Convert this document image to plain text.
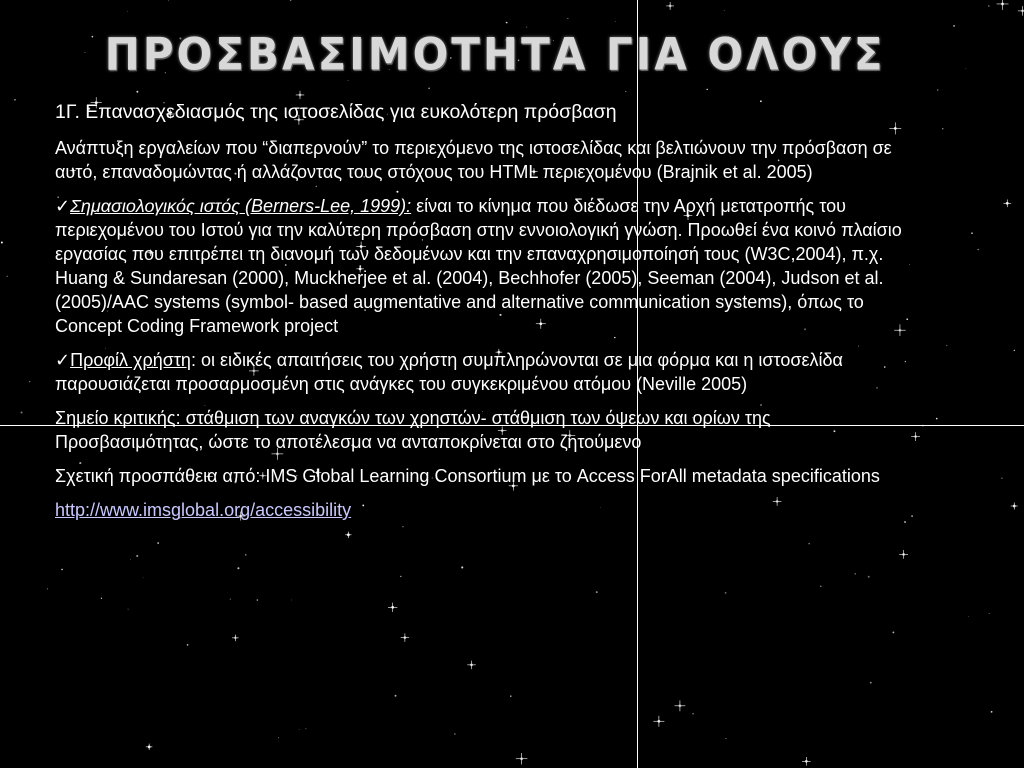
ΠΡΟΣΒΑΣΙΜΟΤΗΤΑ ΓΙΑ ΟΛΟΥΣ

1Γ. Επανασχεδιασμός της ιστοσελίδας για ευκολότερη πρόσβαση

Ανάπτυξη εργαλείων που “διαπερνούν” το περιεχόμενο της ιστοσελίδας και βελτιώνουν την πρόσβαση σε αυτό, επαναδομώντας ή αλλάζοντας τους στόχους του HTML περιεχομένου (Brajnik et al. 2005)

✓Σημασιολογικός ιστός (Berners-Lee, 1999): είναι το κίνημα που διέδωσε την Αρχή μετατροπής του περιεχομένου του Ιστού για την καλύτερη πρόσβαση στην εννοιολογική γνώση. Προωθεί ένα κοινό πλαίσιο εργασίας που επιτρέπει τη διανομή των δεδομένων και την επαναχρησιμοποίησή τους (W3C,2004), π.χ. Huang & Sundaresan (2000), Muckherjee et al. (2004), Bechhofer (2005), Seeman (2004), Judson et al. (2005)/AAC systems (symbol- based augmentative and alternative communication systems), όπως το Concept Coding Framework project

✓Προφίλ χρήστη: οι ειδικές απαιτήσεις του χρήστη συμπληρώνονται σε μια φόρμα και η ιστοσελίδα παρουσιάζεται προσαρμοσμένη στις ανάγκες του συγκεκριμένου ατόμου (Neville 2005)

Σημείο κριτικής: στάθμιση των αναγκών των χρηστών- στάθμιση των όψεων και ορίων της Προσβασιμότητας, ώστε το αποτέλεσμα να ανταποκρίνεται στο ζητούμενο

Σχετική προσπάθεια από: IMS Global Learning Consortium με το Access ForAll metadata specifications

http://www.imsglobal.org/accessibility
